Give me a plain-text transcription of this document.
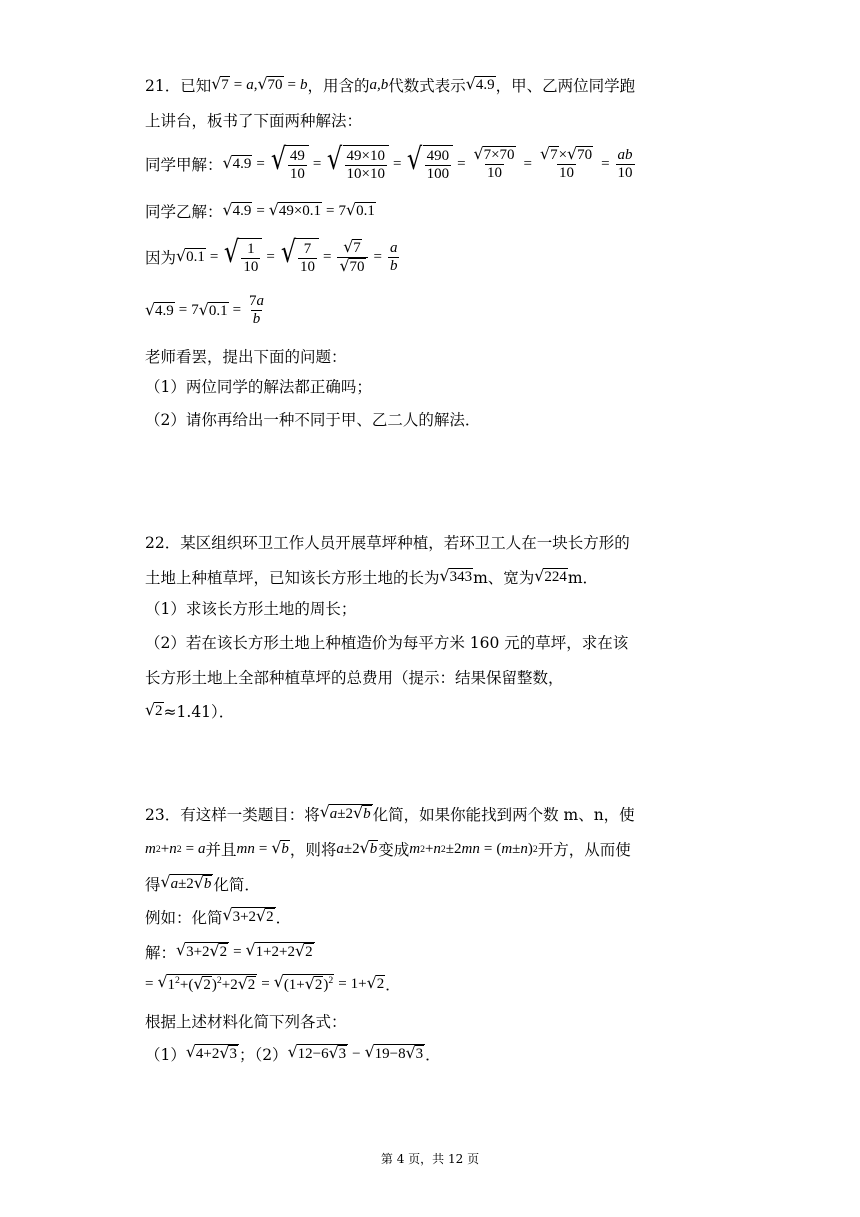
21．已知 √ 7 = a , √ 70 = b ，用含的 a,b 代数式表示 √ 4.9 ，甲、乙两位同学跑
上讲台，板书了下面两种解法：
同学甲解： √ 4.9 = √ $\frac{49}{10}$ = √ $\frac{49\times 10}{10\times 10}$ = √ $\frac{490}{100} = \frac{√ 7\times 70}{10} = \frac{√ 7 \times √ 70}{10} = \frac{ab}{10}$
同学乙解： √ 4.9 = √ 49×0.1 = 7 √ 0.1
因为 √ 0.1 = √ $\frac{1}{10}$ = √ $\frac{7}{10} = \frac{√ 7}{√ 70} = \frac{a}{b}$
√ 4.9 = 7 √ $0.1 = \frac{7a}{b}$
老师看罢，提出下面的问题：
（1）两位同学的解法都正确吗；
（2）请你再给出一种不同于甲、乙二人的解法．
22．某区组织环卫工作人员开展草坪种植，若环卫工人在一块长方形的
土地上种植草坪，已知该长方形土地的长为 √ 343 m、宽为 √ 224 m．
（1）求该长方形土地的周长；
（2）若在该长方形土地上种植造价为每平方米 160 元的草坪，求在该
长方形土地上全部种植草坪的总费用（提示：结果保留整数，
√ 2 ≈1.41）．
23．有这样一类题目：将 √ a±2 √ b 化简，如果你能找到两个数 m、n，使
m 2 + n 2 = a 并且 mn = √ b ，则将 a ±2 √ b 变成 m 2 + n 2 ±2 mn = ( m ± n ) 2 开方，从而使
得 √ a±2 √ b 化简．
例如：化简 √ 3+2 √ 2 ．
解： √ 3+2 √ 2 = √ 1+2+2 √ 2
= √ $1^2+$( √ 2 )$^2$+2 √ 2 = √ (1+ √ 2 )$^2$ = 1+ √ 2 ．
根据上述材料化简下列各式：
（1） √ 4+2 √ 3 ；（2） √ 12−6 √ 3 − √ 19−8 √ 3 ．
第 4 页，共 12 页
